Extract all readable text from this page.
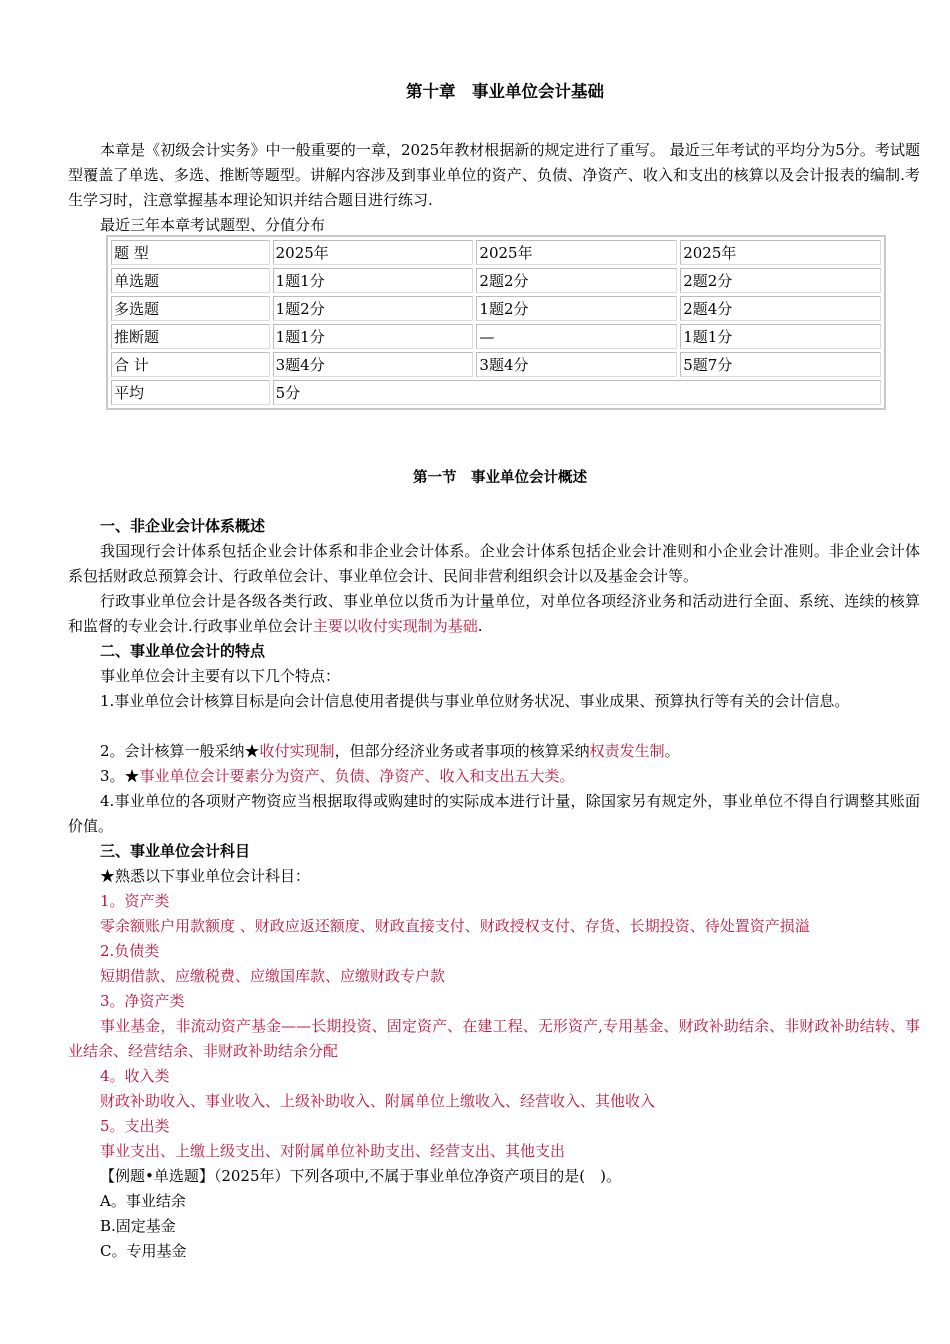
第十章　事业单位会计基础
本章是《初级会计实务》中一般重要的一章，2025年教材根据新的规定进行了重写。 最近三年考试的平均分为5分。考试题型覆盖了单选、多选、推断等题型。讲解内容涉及到事业单位的资产、负债、净资产、收入和支出的核算以及会计报表的编制.考生学习时，注意掌握基本理论知识并结合题目进行练习.
最近三年本章考试题型、分值分布
题 型	2025年	2025年	2025年
单选题	1题1分	2题2分	2题2分
多选题	1题2分	1题2分	2题4分
推断题	1题1分	—	1题1分
合 计	3题4分	3题4分	5题7分
平均	5分		
第一节　事业单位会计概述
一、非企业会计体系概述
我国现行会计体系包括企业会计体系和非企业会计体系。企业会计体系包括企业会计准则和小企业会计准则。非企业会计体系包括财政总预算会计、行政单位会计、事业单位会计、民间非营利组织会计以及基金会计等。
行政事业单位会计是各级各类行政、事业单位以货币为计量单位，对单位各项经济业务和活动进行全面、系统、连续的核算和监督的专业会计.行政事业单位会计主要以收付实现制为基础.
二、事业单位会计的特点
事业单位会计主要有以下几个特点：
1.事业单位会计核算目标是向会计信息使用者提供与事业单位财务状况、事业成果、预算执行等有关的会计信息。
2。会计核算一般采纳★收付实现制，但部分经济业务或者事项的核算采纳权责发生制。
3。★事业单位会计要素分为资产、负债、净资产、收入和支出五大类。
4.事业单位的各项财产物资应当根据取得或购建时的实际成本进行计量，除国家另有规定外，事业单位不得自行调整其账面价值。
三、事业单位会计科目
★熟悉以下事业单位会计科目：
1。资产类
零余额账户用款额度 、财政应返还额度、财政直接支付、财政授权支付、存货、长期投资、待处置资产损溢
2.负债类
短期借款、应缴税费、应缴国库款、应缴财政专户款
3。净资产类
事业基金，非流动资产基金——长期投资、固定资产、在建工程、无形资产,专用基金、财政补助结余、非财政补助结转、事业结余、经营结余、非财政补助结余分配
4。收入类
财政补助收入、事业收入、上级补助收入、附属单位上缴收入、经营收入、其他收入
5。支出类
事业支出、上缴上级支出、对附属单位补助支出、经营支出、其他支出
【例题•单选题】（2025年）下列各项中,不属于事业单位净资产项目的是(　)。
A。事业结余
B.固定基金
C。专用基金
